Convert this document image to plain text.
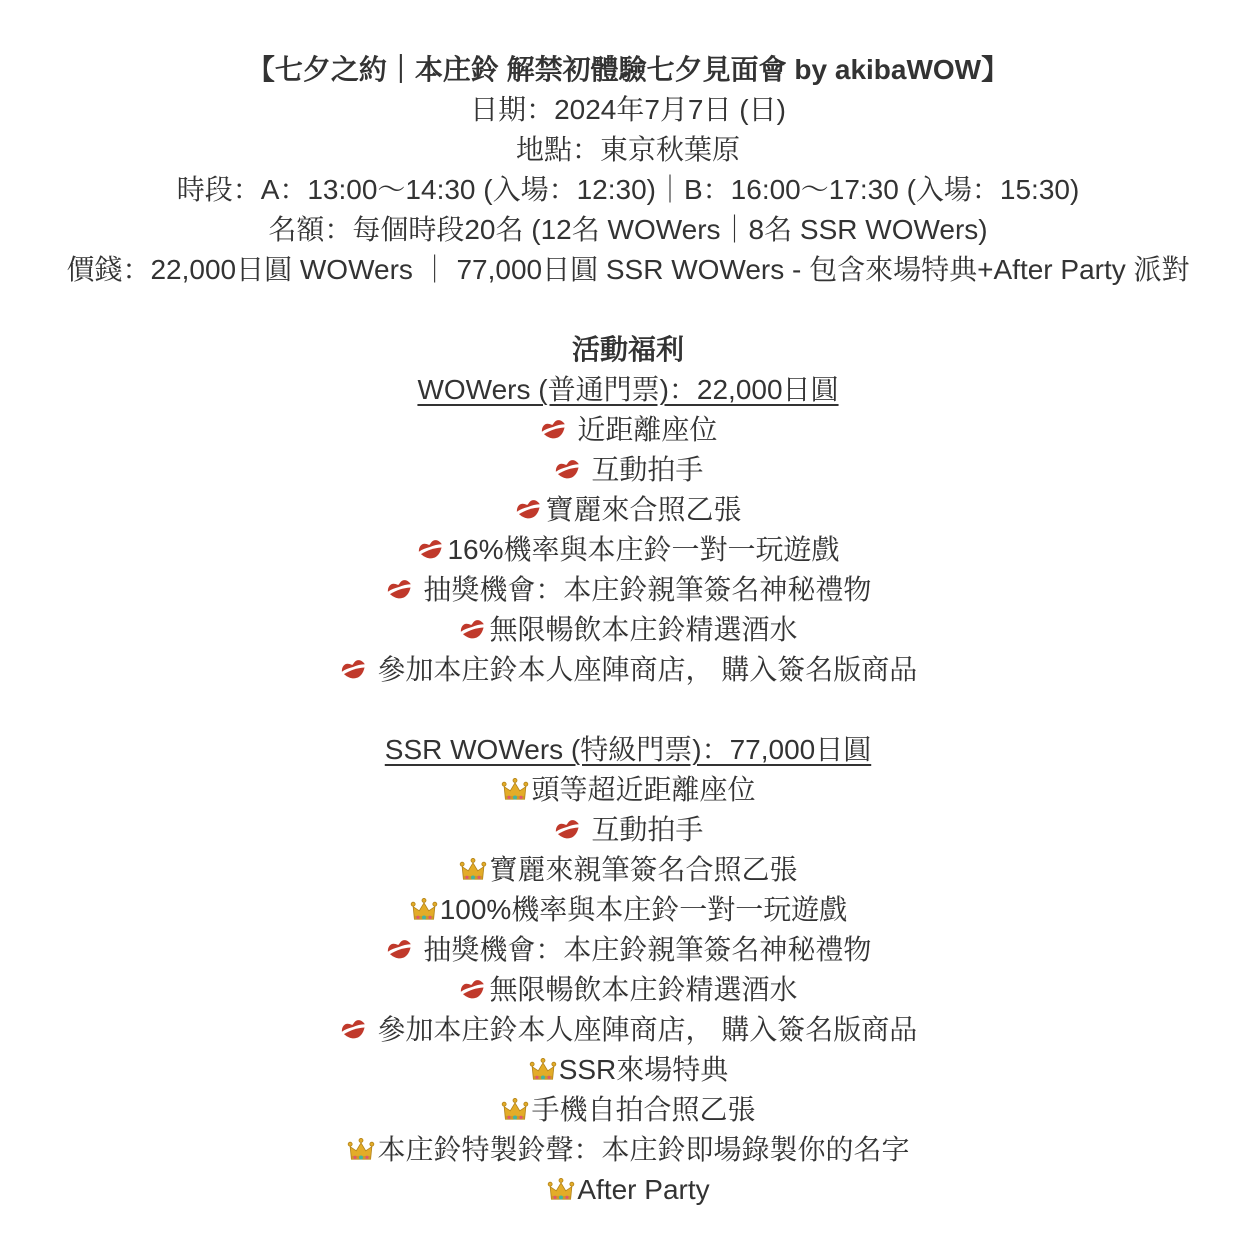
【七夕之約｜本庄鈴 解禁初體驗七夕見面會 by akibaWOW】
日期：2024年7月7日 (日)
地點：東京秋葉原
時段：A：13:00〜14:30 (入場：12:30)｜B：16:00〜17:30 (入場：15:30)
名額：每個時段20名 (12名 WOWers｜8名 SSR WOWers)
價錢：22,000日圓 WOWers ｜ 77,000日圓 SSR WOWers - 包含來場特典+After Party 派對
活動福利
WOWers (普通門票)：22,000日圓
近距離座位
互動拍手
寶麗來合照乙張
16%機率與本庄鈴一對一玩遊戲
抽獎機會：本庄鈴親筆簽名神秘禮物
無限暢飲本庄鈴精選酒水
參加本庄鈴本人座陣商店， 購入簽名版商品
SSR WOWers (特級門票)：77,000日圓
頭等超近距離座位
互動拍手
寶麗來親筆簽名合照乙張
100%機率與本庄鈴一對一玩遊戲
抽獎機會：本庄鈴親筆簽名神秘禮物
無限暢飲本庄鈴精選酒水
參加本庄鈴本人座陣商店， 購入簽名版商品
SSR來場特典
手機自拍合照乙張
本庄鈴特製鈴聲：本庄鈴即場錄製你的名字
After Party
